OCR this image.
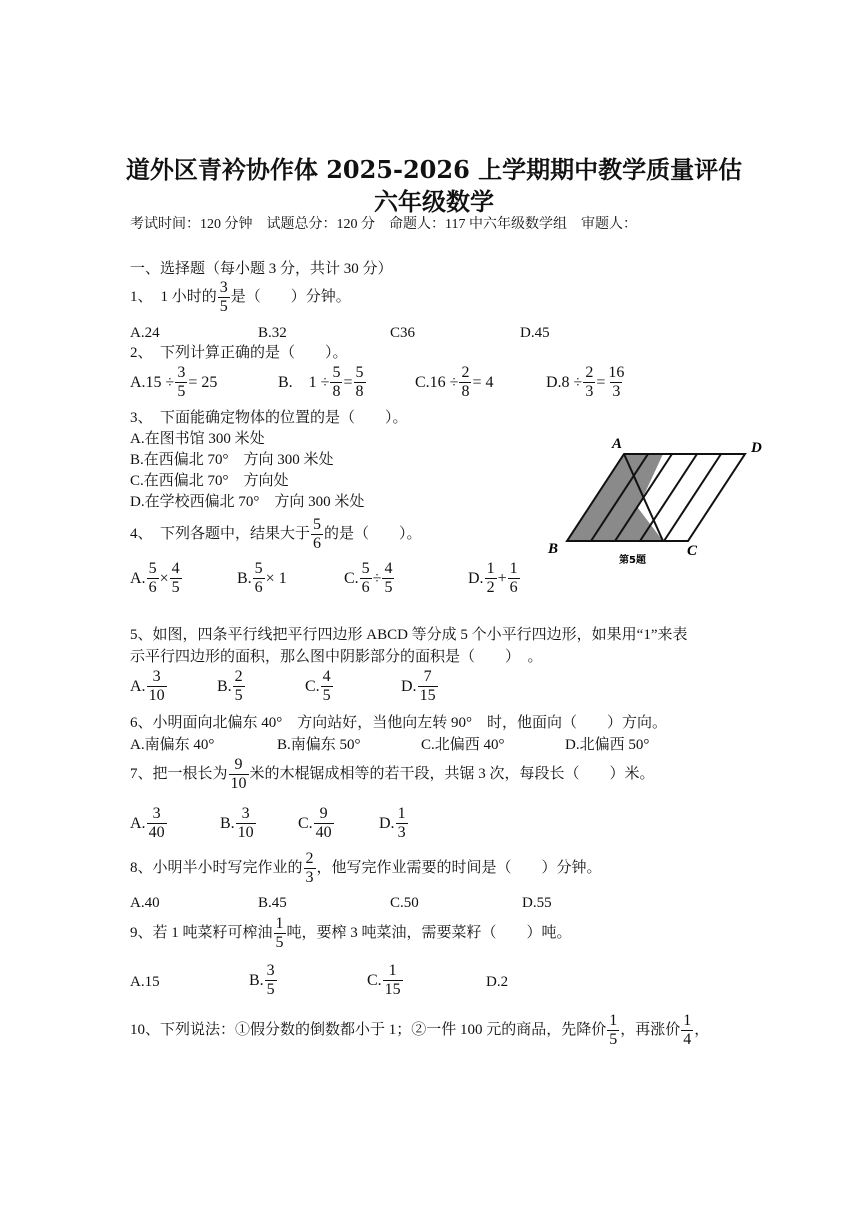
道外区青衿协作体 2025-2026 上学期期中教学质量评估
六年级数学
考试时间：120 分钟　试题总分：120 分　命题人：117 中六年级数学组　审题人：
一、选择题（每小题 3 分，共计 30 分）
1、 1 小时的 $\frac{3}{5}$ 是（　　）分钟。
A.24	B.32	C36	D.45
2、　下列计算正确的是（　　）。
$A.15 \div \frac{3}{5} = 25$	B.　$1 \div \frac{5}{8} = \frac{5}{8}$	$C.16 \div \frac{2}{8} = 4$	$D.8 \div \frac{2}{3} = \frac{16}{3}$
3、　下面能确定物体的位置的是（　　）。
A.在图书馆 300 米处
B.在西偏北 70°　方向 300 米处
C.在西偏北 70°　方向处
D.在学校西偏北 70°　方向 300 米处
A	D
B	C
第5题
4、　下列各题中，结果大于 $\frac{5}{6}$ 的是（　　）。
A. $\frac{5}{6} \times \frac{4}{5}$	B. $\frac{5}{6} \times 1$	C. $\frac{5}{6} \div \frac{4}{5}$	D. $\frac{1}{2} + \frac{1}{6}$
5、如图，四条平行线把平行四边形 ABCD 等分成 5 个小平行四边形，如果用“1”来表
示平行四边形的面积，那么图中阴影部分的面积是（　　）　。
A. $\frac{3}{10}$	B. $\frac{2}{5}$	C. $\frac{4}{5}$	D. $\frac{7}{15}$
6、小明面向北偏东 40°　方向站好，当他向左转 90°　时，他面向（　　）方向。
A.南偏东 40°	B.南偏东 50°	C.北偏西 40°	D.北偏西 50°
7、把一根长为 $\frac{9}{10}$ 米的木棍锯成相等的若干段，共锯 3 次，每段长（　　）米。
A. $\frac{3}{40}$	B. $\frac{3}{10}$	C. $\frac{9}{40}$	D. $\frac{1}{3}$
8、小明半小时写完作业的 $\frac{2}{3}$ ，他写完作业需要的时间是（　　）分钟。
A.40	B.45	C.50	D.55
9、若 1 吨菜籽可榨油 $\frac{1}{5}$ 吨，要榨 3 吨菜油，需要菜籽（　　）吨。
A.15	B. $\frac{3}{5}$	C. $\frac{1}{15}$	D.2
10、下列说法：①假分数的倒数都小于 1；②一件 100 元的商品，先降价 $\frac{1}{5}$ ，再涨价 $\frac{1}{4}$ ，
